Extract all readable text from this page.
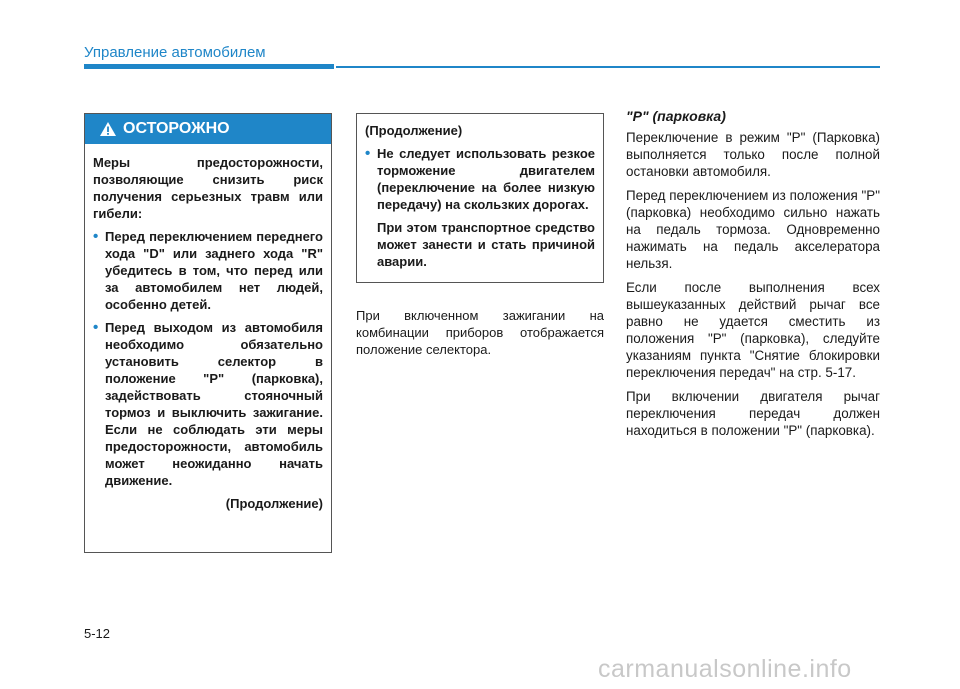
Управление автомобилем
ОСТОРОЖНО

Меры предосторожности, позволяющие снизить риск получения серьезных травм или гибели:

• Перед переключением переднего хода "D" или заднего хода "R" убедитесь в том, что перед или за автомобилем нет людей, особенно детей.
• Перед выходом из автомобиля необходимо обязательно установить селектор в положение "P" (парковка), задействовать стояночный тормоз и выключить зажигание. Если не соблюдать эти меры предосторожности, автомобиль может неожиданно начать движение.
(Продолжение)

(Продолжение)

• Не следует использовать резкое торможение двигателем (переключение на более низкую передачу) на скользких дорогах.

При этом транспортное средство может занести и стать причиной аварии.

При включенном зажигании на комбинации приборов отображается положение селектора.
"P" (парковка)

Переключение в режим "P" (Парковка) выполняется только после полной остановки автомобиля.

Перед переключением из положения "P" (парковка) необходимо сильно нажать на педаль тормоза. Одновременно нажимать на педаль акселератора нельзя.

Если после выполнения всех вышеуказанных действий рычаг все равно не удается сместить из положения "P" (парковка), следуйте указаниям пункта "Снятие блокировки переключения передач" на стр. 5-17.

При включении двигателя рычаг переключения передач должен находиться в положении "P" (парковка).

5-12
carmanualsonline.info
